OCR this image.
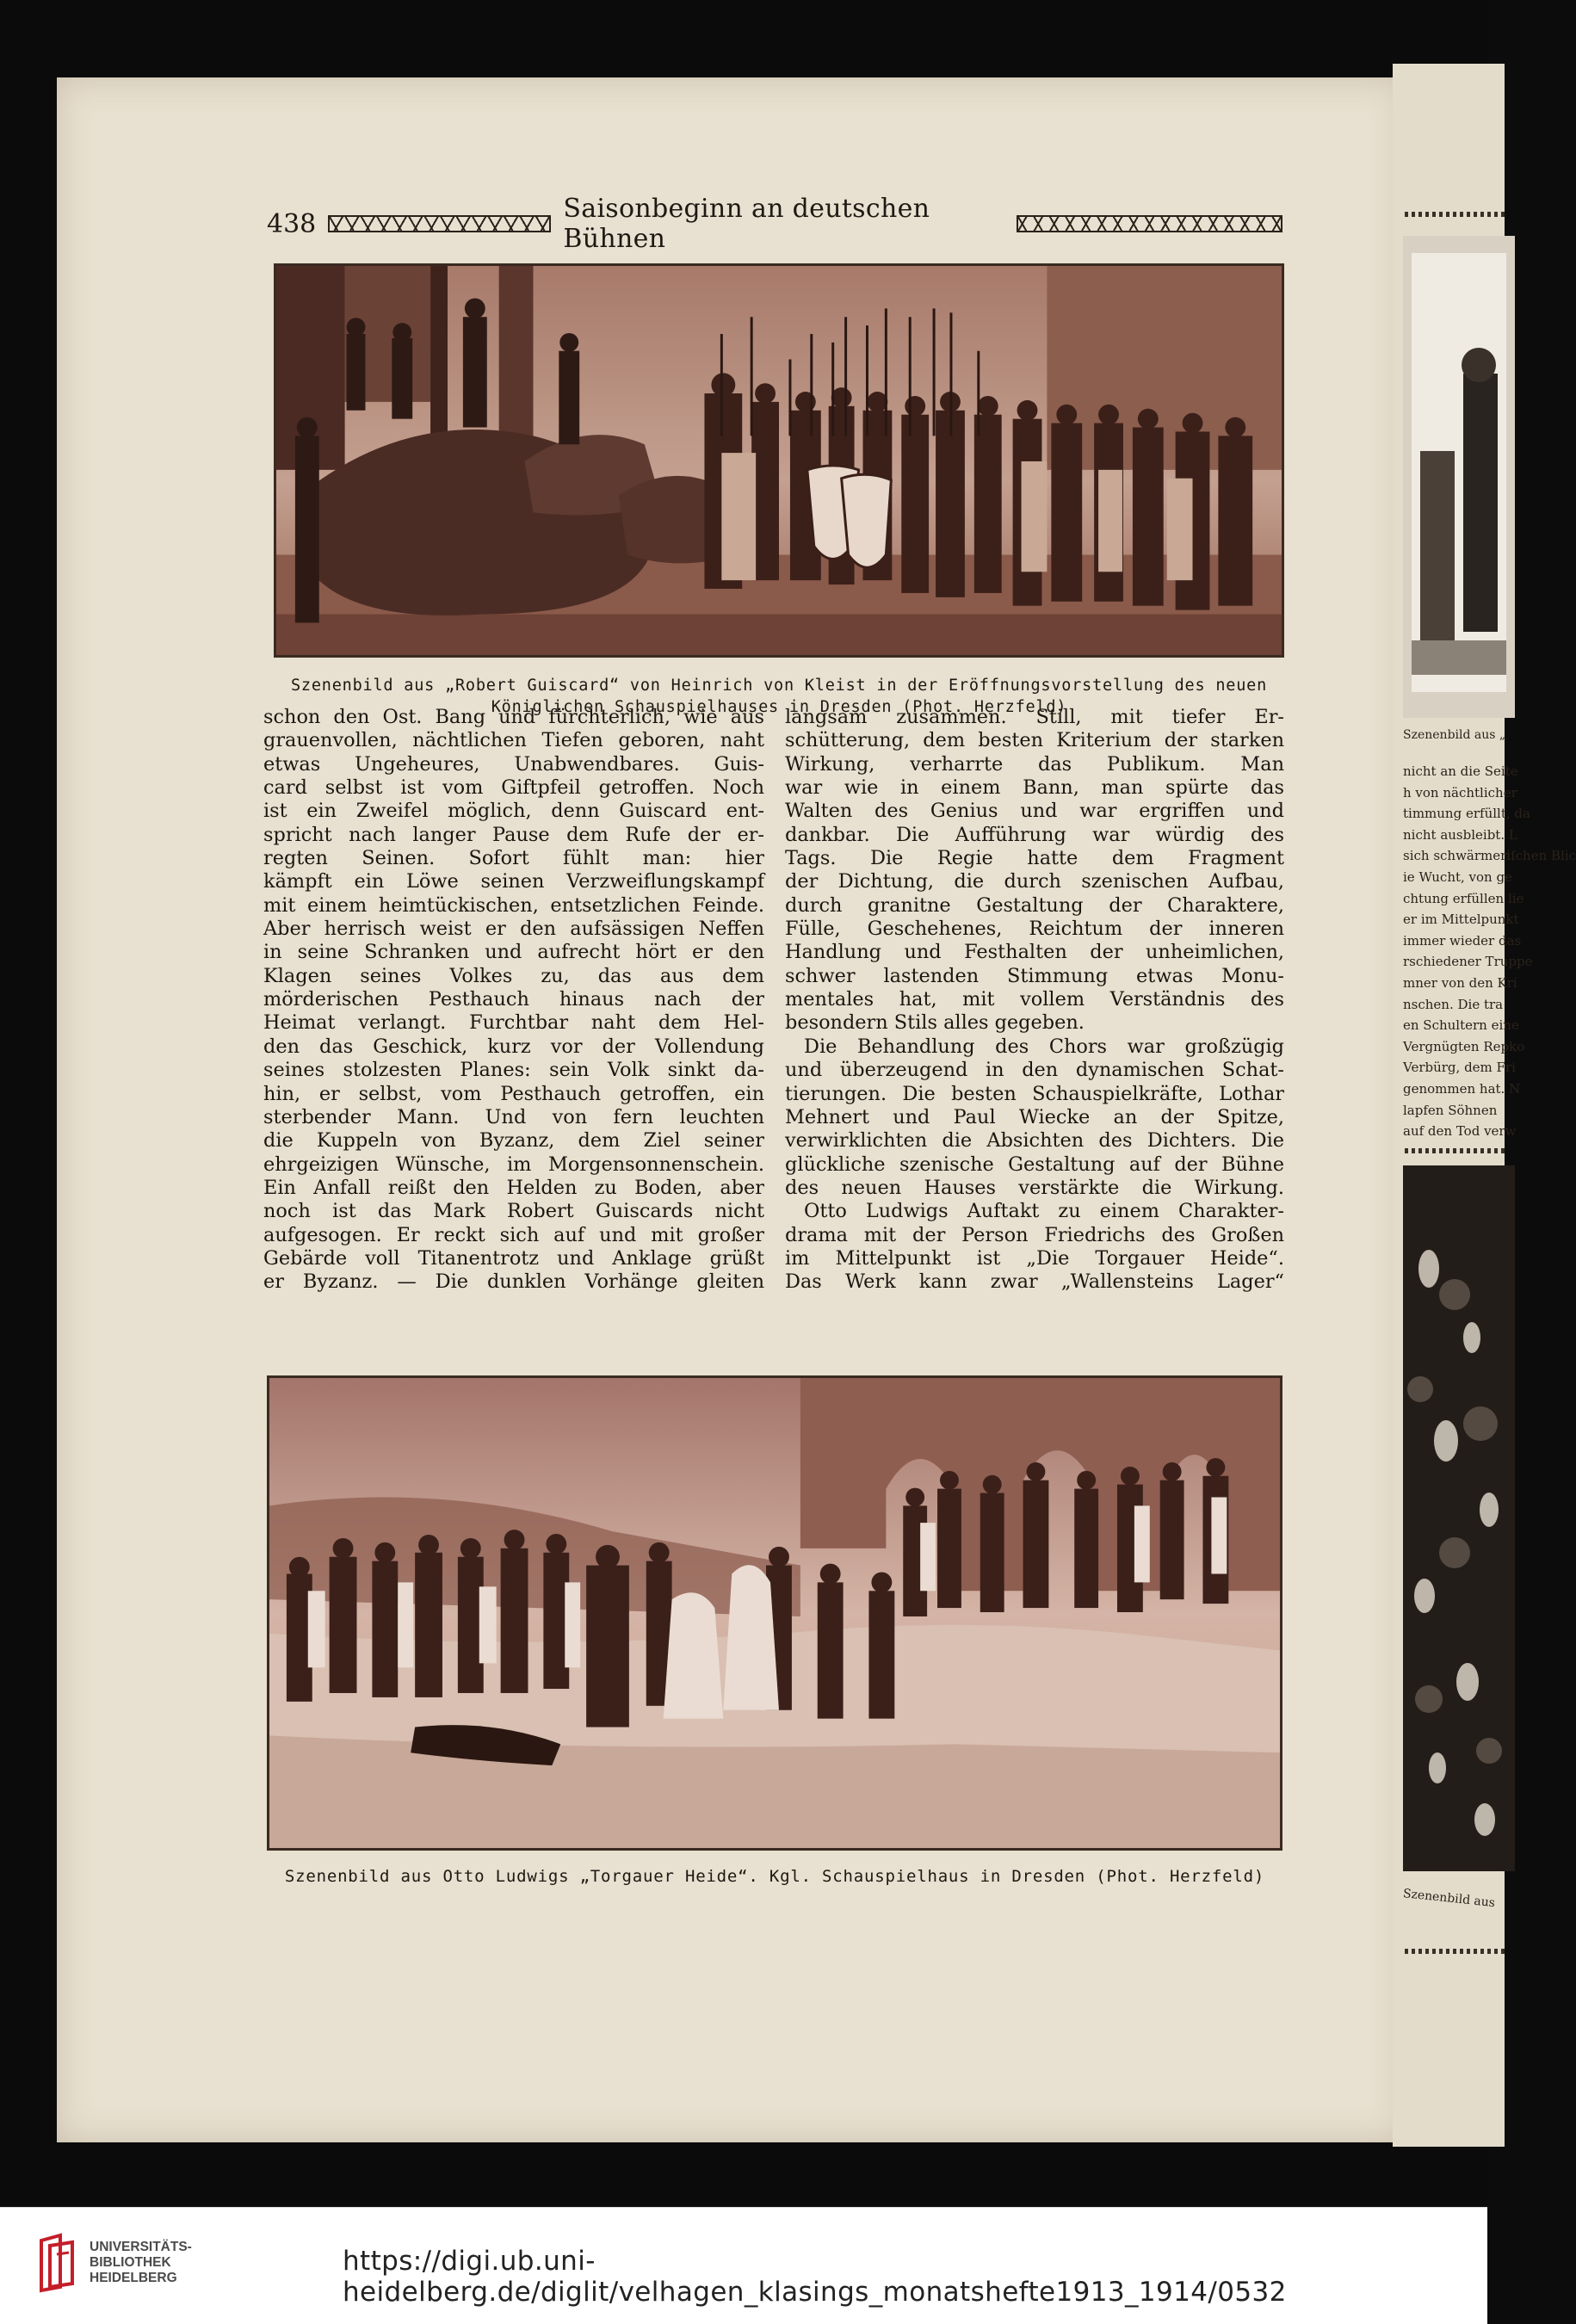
Szenenbild aus „
nicht an die Seite
h von nächtlicher
timmung erfüllt, da
nicht ausbleibt. L
sich schwärmeriſchen Blic
ie Wucht, von ge
chtung erfüllen lie
er im Mittelpunkt
immer wieder das
rschiedener Truppe
mner von den Kri
nschen. Die tra
en Schultern eine
Vergnügten Repko
Verbürg, dem Fri
genommen hat. N
lapfen Söhnen
auf den Tod verw
Szenenbild aus
438	Saisonbeginn an deutschen Bühnen
Szenenbild aus „Robert Guiscard“ von Heinrich von Kleist in der Eröffnungsvorstellung des neuen
Königlichen Schauspielhauses in Dresden (Phot. Herzfeld)
schon den Ost. Bang und fürchterlich, wie aus
grauenvollen, nächtlichen Tiefen geboren, naht
etwas Ungeheures, Unabwendbares. Guis-
card selbst ist vom Giftpfeil getroffen. Noch
ist ein Zweifel möglich, denn Guiscard ent-
spricht nach langer Pause dem Rufe der er-
regten Seinen. Sofort fühlt man: hier
kämpft ein Löwe seinen Verzweiflungskampf
mit einem heimtückischen, entsetzlichen Feinde.
Aber herrisch weist er den aufsässigen Neffen
in seine Schranken und aufrecht hört er den
Klagen seines Volkes zu, das aus dem
mörderischen Pesthauch hinaus nach der
Heimat verlangt. Furchtbar naht dem Hel-
den das Geschick, kurz vor der Vollendung
seines stolzesten Planes: sein Volk sinkt da-
hin, er selbst, vom Pesthauch getroffen, ein
sterbender Mann. Und von fern leuchten
die Kuppeln von Byzanz, dem Ziel seiner
ehrgeizigen Wünsche, im Morgensonnenschein.
Ein Anfall reißt den Helden zu Boden, aber
noch ist das Mark Robert Guiscards nicht
aufgesogen. Er reckt sich auf und mit großer
Gebärde voll Titanentrotz und Anklage grüßt
er Byzanz. — Die dunklen Vorhänge gleiten
langsam zusammen. Still, mit tiefer Er-
schütterung, dem besten Kriterium der starken
Wirkung, verharrte das Publikum. Man
war wie in einem Bann, man spürte das
Walten des Genius und war ergriffen und
dankbar. Die Aufführung war würdig des
Tags. Die Regie hatte dem Fragment
der Dichtung, die durch szenischen Aufbau,
durch granitne Gestaltung der Charaktere,
Fülle, Geschehenes, Reichtum der inneren
Handlung und Festhalten der unheimlichen,
schwer lastenden Stimmung etwas Monu-
mentales hat, mit vollem Verständnis des
besondern Stils alles gegeben.
Die Behandlung des Chors war großzügig
und überzeugend in den dynamischen Schat-
tierungen. Die besten Schauspielkräfte, Lothar
Mehnert und Paul Wiecke an der Spitze,
verwirklichten die Absichten des Dichters. Die
glückliche szenische Gestaltung auf der Bühne
des neuen Hauses verstärkte die Wirkung.
Otto Ludwigs Auftakt zu einem Charakter-
drama mit der Person Friedrichs des Großen
im Mittelpunkt ist „Die Torgauer Heide“.
Das Werk kann zwar „Wallensteins Lager“
Szenenbild aus Otto Ludwigs „Torgauer Heide“. Kgl. Schauspielhaus in Dresden (Phot. Herzfeld)
UNIVERSITÄTS-
BIBLIOTHEK
HEIDELBERG
https://digi.ub.uni-heidelberg.de/diglit/velhagen_klasings_monatshefte1913_1914/0532
